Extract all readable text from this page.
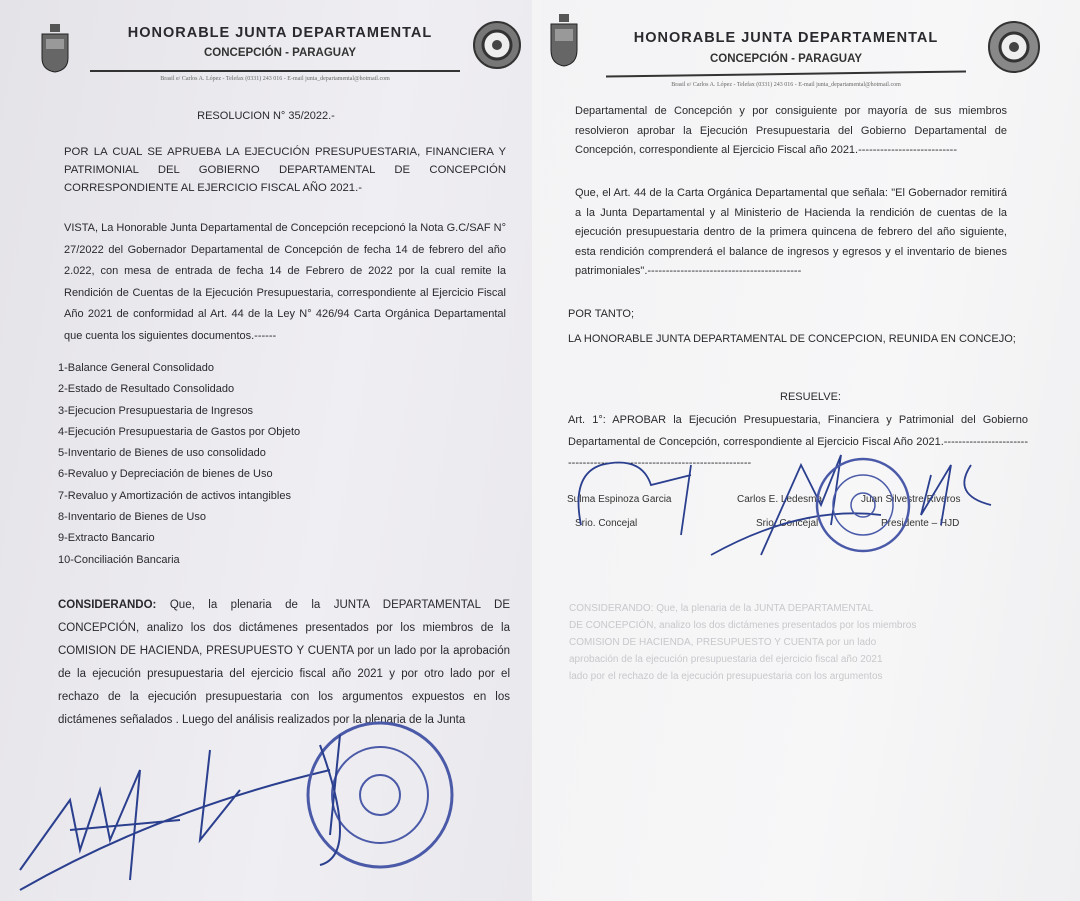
HONORABLE JUNTA DEPARTAMENTAL
CONCEPCIÓN - PARAGUAY
Brasil e/ Carlos A. López - Telefax (0331) 243 016 - E-mail junta_departamental@hotmail.com
RESOLUCION N° 35/2022.-
POR LA CUAL SE APRUEBA LA EJECUCIÓN PRESUPUESTARIA, FINANCIERA Y PATRIMONIAL DEL GOBIERNO DEPARTAMENTAL DE CONCEPCIÓN CORRESPONDIENTE AL EJERCICIO FISCAL AÑO 2021.-
VISTA, La Honorable Junta Departamental de Concepción recepcionó la Nota G.C/SAF N° 27/2022 del Gobernador Departamental de Concepción de fecha 14 de febrero del año 2.022, con mesa de entrada de fecha 14 de Febrero de 2022 por la cual remite la Rendición de Cuentas de la Ejecución Presupuestaria, correspondiente al Ejercicio Fiscal Año 2021 de conformidad al Art. 44 de la Ley N° 426/94 Carta Orgánica Departamental que cuenta los siguientes documentos.------
1-Balance General Consolidado
2-Estado de Resultado Consolidado
3-Ejecucion Presupuestaria de Ingresos
4-Ejecución Presupuestaria de Gastos por Objeto
5-Inventario de Bienes de uso consolidado
6-Revaluo y Depreciación de bienes de Uso
7-Revaluo y Amortización de activos intangibles
8-Inventario de Bienes de Uso
9-Extracto Bancario
10-Conciliación Bancaria
CONSIDERANDO: Que, la plenaria de la JUNTA DEPARTAMENTAL DE CONCEPCIÓN, analizo los dos dictámenes presentados por los miembros de la COMISION DE HACIENDA, PRESUPUESTO Y CUENTA por un lado por la aprobación de la ejecución presupuestaria del ejercicio fiscal año 2021 y por otro lado por el rechazo de la ejecución presupuestaria con los argumentos expuestos en los dictámenes señalados . Luego del análisis realizados por la plenaria de la Junta
HONORABLE JUNTA DEPARTAMENTAL
CONCEPCIÓN - PARAGUAY
Brasil e/ Carlos A. López - Telefax (0331) 243 016 - E-mail junta_departamental@hotmail.com
Departamental de Concepción y por consiguiente por mayoría de sus miembros resolvieron aprobar la Ejecución Presupuestaria del Gobierno Departamental de Concepción, correspondiente al Ejercicio Fiscal año 2021.---------------------------
Que, el Art. 44 de la Carta Orgánica Departamental que señala: "El Gobernador remitirá a la Junta Departamental y al Ministerio de Hacienda la rendición de cuentas de la ejecución presupuestaria dentro de la primera quincena de febrero del año siguiente, esta rendición comprenderá el balance de ingresos y egresos y el inventario de bienes patrimoniales".------------------------------------------
POR TANTO;
LA HONORABLE JUNTA DEPARTAMENTAL DE CONCEPCION, REUNIDA EN CONCEJO;
RESUELVE:
Art. 1°: APROBAR la Ejecución Presupuestaria, Financiera y Patrimonial del Gobierno Departamental de Concepción, correspondiente al Ejercicio Fiscal Año 2021.-------------------------------------------------------------------------
Sulma Espinoza Garcia
Srio. Concejal
Carlos E. Ledesma
Srio. Concejal
Juan Silvestre Riveros
Presidente – HJD
CONSIDERANDO: Que, la plenaria de la JUNTA DEPARTAMENTAL
DE CONCEPCIÓN, analizo los dos dictámenes presentados por los miembros
COMISION DE HACIENDA, PRESUPUESTO Y CUENTA por un lado
aprobación de la ejecución presupuestaria del ejercicio fiscal año 2021
lado por el rechazo de la ejecución presupuestaria con los argumentos
